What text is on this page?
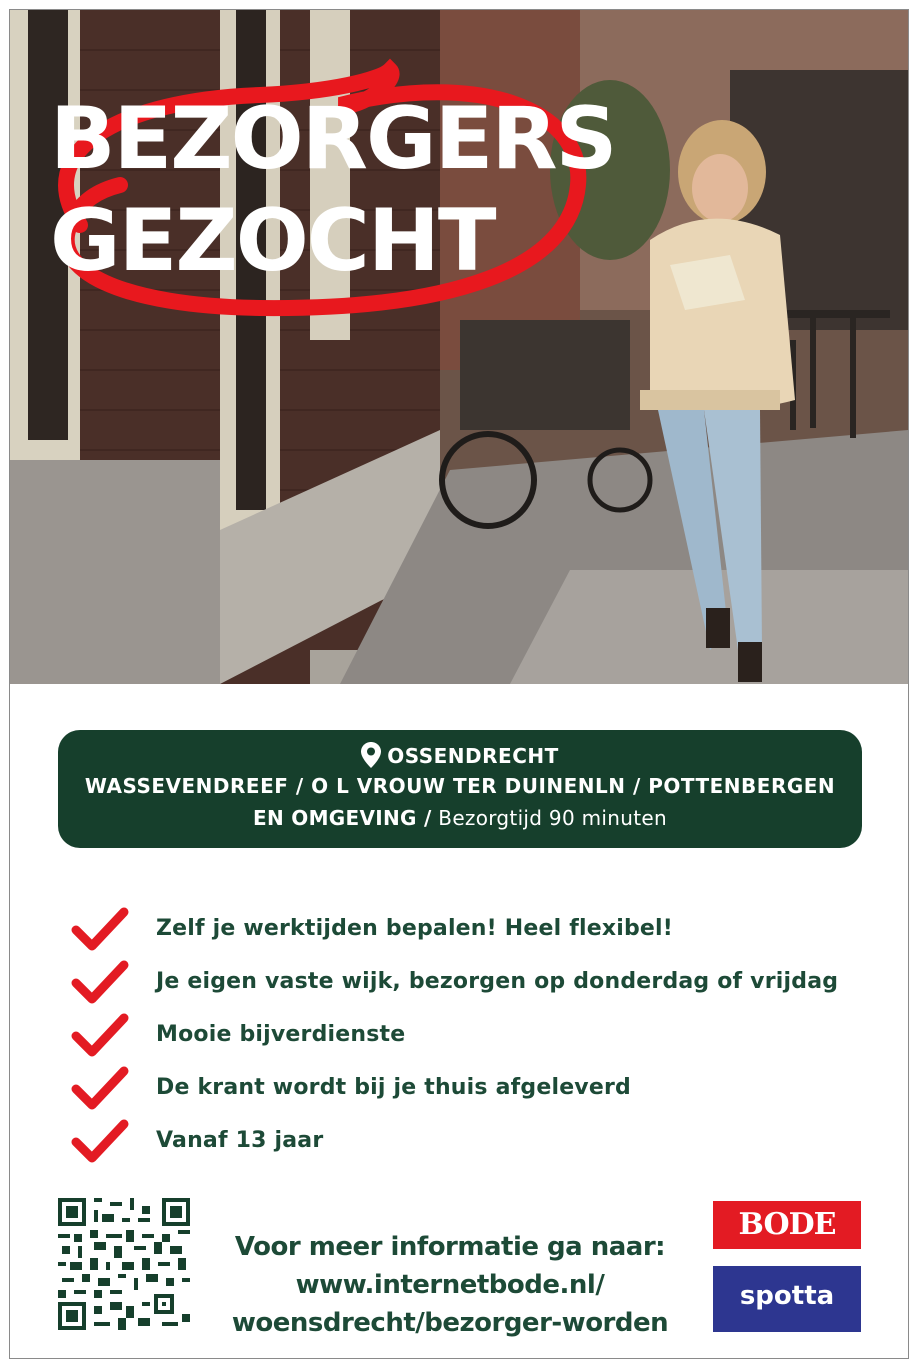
BEZORGERS
GEZOCHT
OSSENDRECHT
WASSEVENDREEF / O L VROUW TER DUINENLN / POTTENBERGEN
EN OMGEVING / Bezorgtijd 90 minuten
Zelf je werktijden bepalen! Heel flexibel!
Je eigen vaste wijk, bezorgen op donderdag of vrijdag
Mooie bijverdienste
De krant wordt bij je thuis afgeleverd
Vanaf 13 jaar
Voor meer informatie ga naar:
www.internetbode.nl/
woensdrecht/bezorger-worden
BODE
spotta
